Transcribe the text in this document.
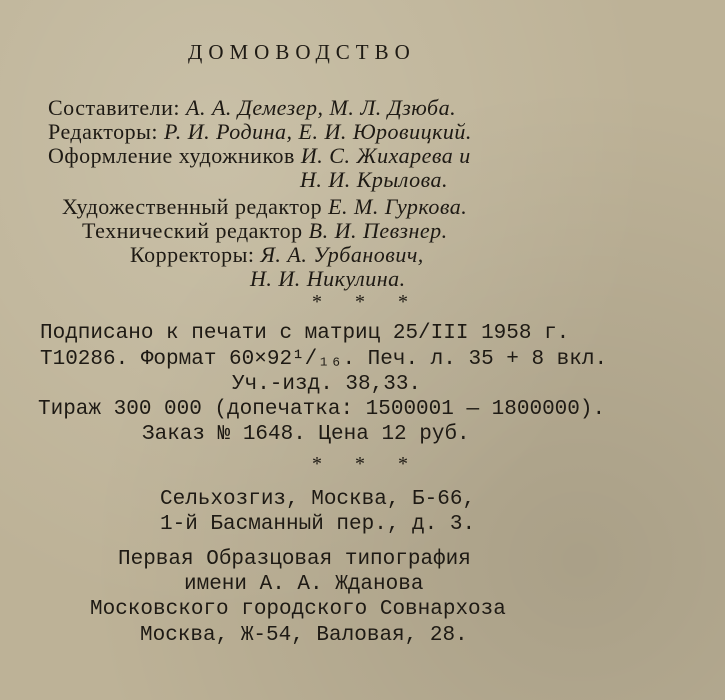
ДОМОВОДСТВО
Составители: А. А. Демезер, М. Л. Дзюба.
Редакторы: Р. И. Родина, Е. И. Юровицкий.
Оформление художников И. С. Жихарева и
Н. И. Крылова.
Художественный редактор Е. М. Гуркова.
Технический редактор В. И. Певзнер.
Корректоры: Я. А. Урбанович,
Н. И. Никулина.
* * *
Подписано к печати с матриц 25/III 1958 г.
Т10286. Формат 60×92¹/₁₆. Печ. л. 35 + 8 вкл.
Уч.-изд. 38,33.
Тираж 300 000 (допечатка: 1500001 — 1800000).
Заказ № 1648. Цена 12 руб.
* * *
Сельхозгиз, Москва, Б-66,
1-й Басманный пер., д. 3.
Первая Образцовая типография
имени А. А. Жданова
Московского городского Совнархоза
Москва, Ж-54, Валовая, 28.
